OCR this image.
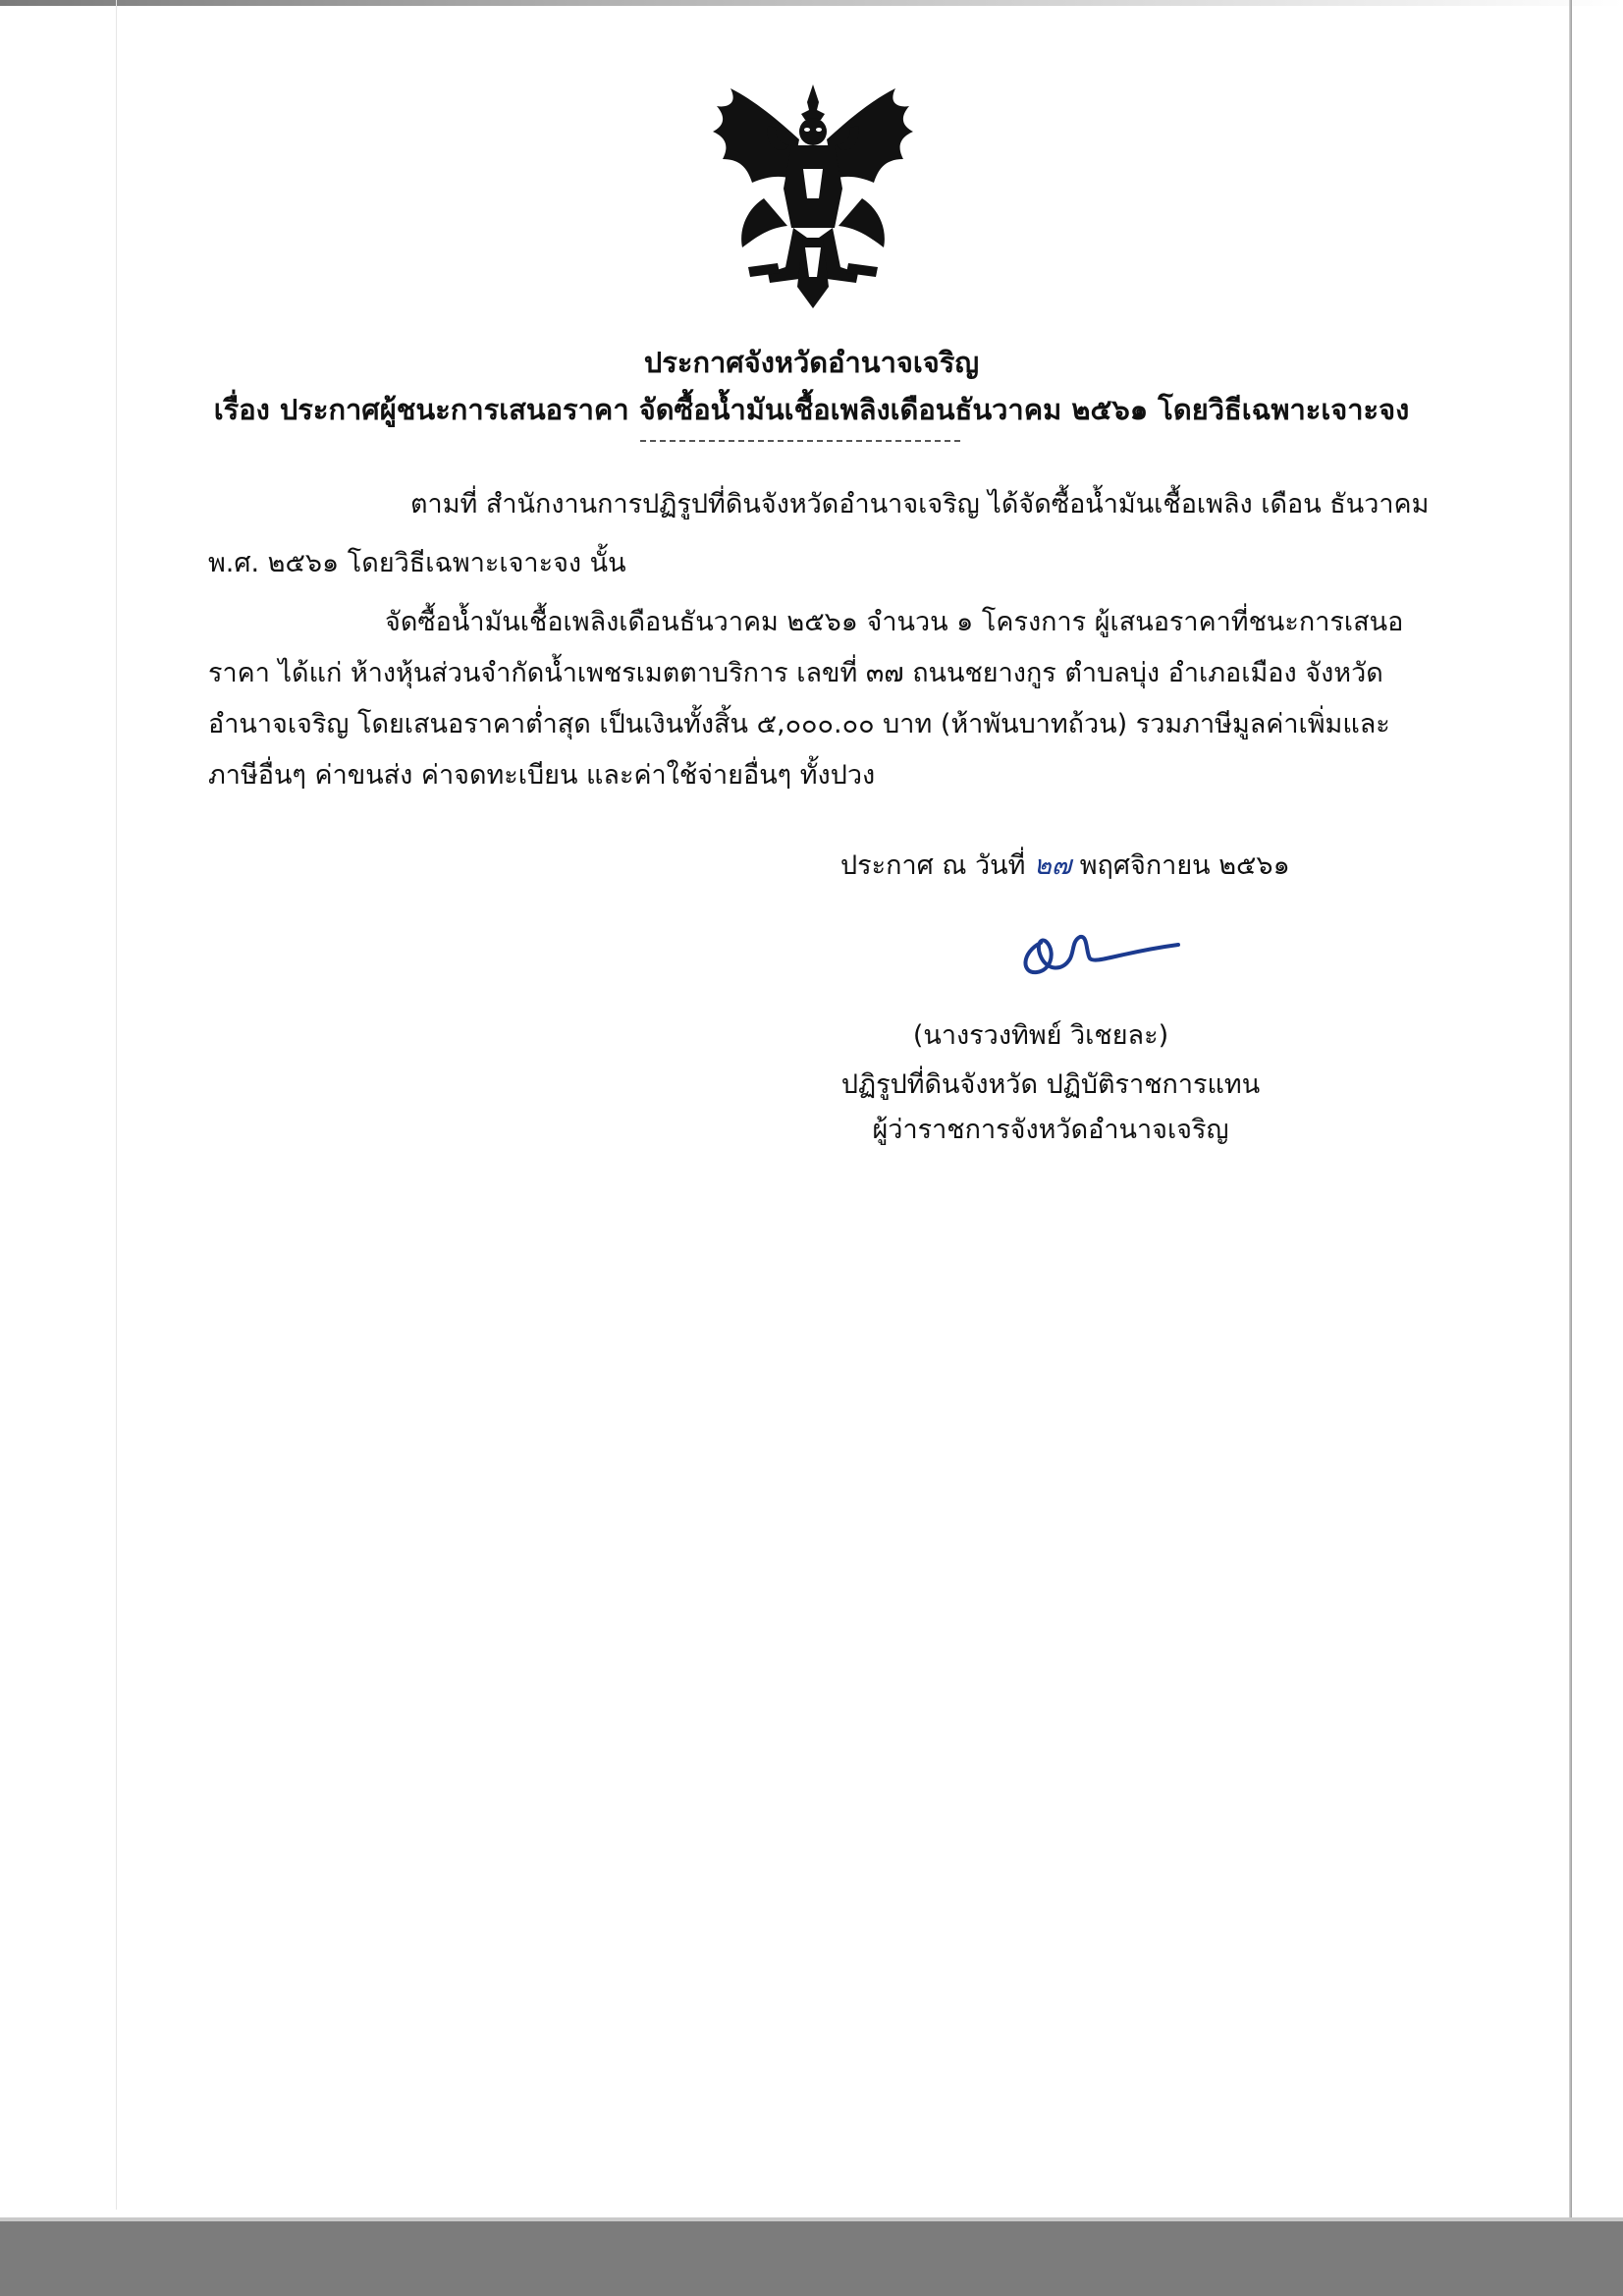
ประกาศจังหวัดอำนาจเจริญ
เรื่อง ประกาศผู้ชนะการเสนอราคา จัดซื้อน้ำมันเชื้อเพลิงเดือนธันวาคม ๒๕๖๑ โดยวิธีเฉพาะเจาะจง
ตามที่ สำนักงานการปฏิรูปที่ดินจังหวัดอำนาจเจริญ ได้จัดซื้อน้ำมันเชื้อเพลิง เดือน ธันวาคม
พ.ศ. ๒๕๖๑ โดยวิธีเฉพาะเจาะจง นั้น
จัดซื้อน้ำมันเชื้อเพลิงเดือนธันวาคม ๒๕๖๑ จำนวน ๑ โครงการ ผู้เสนอราคาที่ชนะการเสนอ
ราคา ได้แก่ ห้างหุ้นส่วนจำกัดน้ำเพชรเมตตาบริการ เลขที่ ๓๗ ถนนชยางกูร ตำบลบุ่ง อำเภอเมือง จังหวัด
อำนาจเจริญ โดยเสนอราคาต่ำสุด เป็นเงินทั้งสิ้น ๕,๐๐๐.๐๐ บาท (ห้าพันบาทถ้วน) รวมภาษีมูลค่าเพิ่มและ
ภาษีอื่นๆ ค่าขนส่ง ค่าจดทะเบียน และค่าใช้จ่ายอื่นๆ ทั้งปวง
ประกาศ ณ วันที่ ๒๗ พฤศจิกายน ๒๕๖๑
(นางรวงทิพย์ วิเชยละ)
ปฏิรูปที่ดินจังหวัด ปฏิบัติราชการแทน
ผู้ว่าราชการจังหวัดอำนาจเจริญ
